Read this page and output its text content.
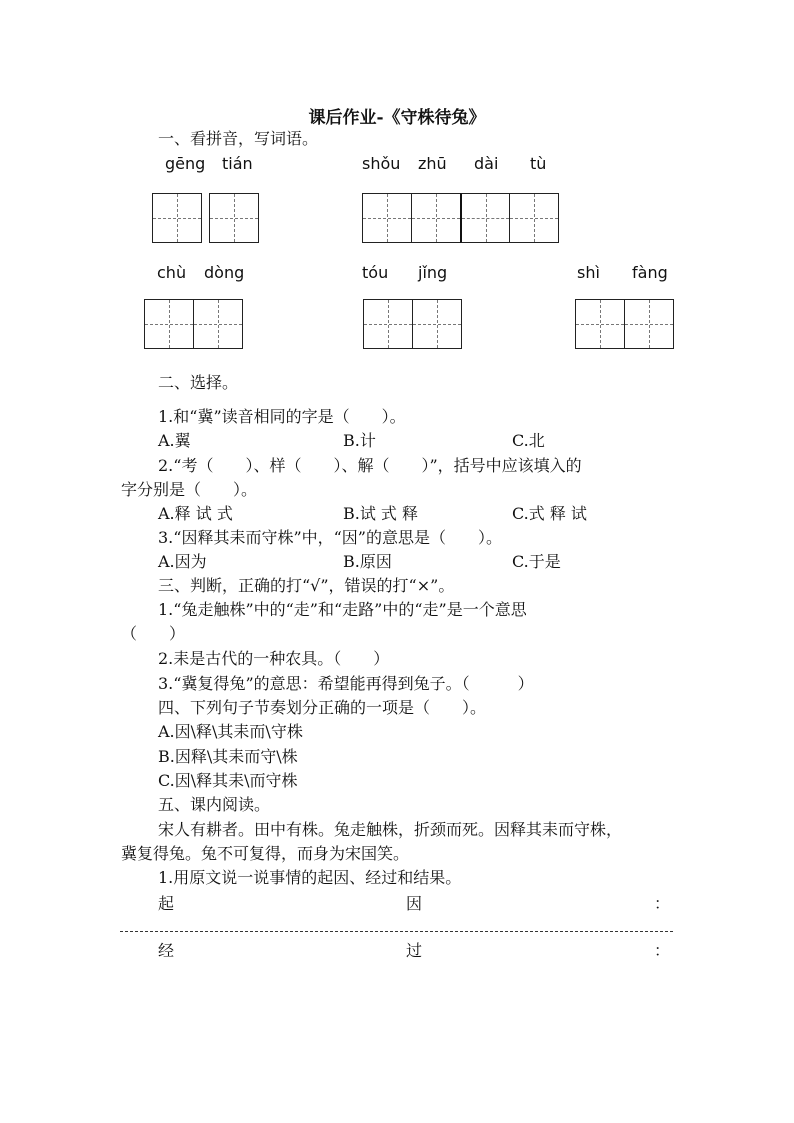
课后作业-《守株待兔》
一、看拼音，写词语。
gēng tián	shǒu zhū dài tù
chù dòng	tóu jǐng	shì fàng
二、选择。
1.和“冀”读音相同的字是（　　）。
A.翼	B.计	C.北
2.“考（　　）、样（　　）、解（　　）”，括号中应该填入的
字分别是（　　）。
A.释 试 式	B.试 式 释	C.式 释 试
3.“因释其耒而守株”中，“因”的意思是（　　）。
A.因为	B.原因	C.于是
三、判断，正确的打“√”，错误的打“×”。
1.“兔走触株”中的“走”和“走路”中的“走”是一个意思
（　　）
2.耒是古代的一种农具。（　　）
3.“冀复得兔”的意思：希望能再得到兔子。（　　　）
四、下列句子节奏划分正确的一项是（　　）。
A.因\释\其耒而\守株
B.因释\其耒而守\株
C.因\释其耒\而守株
五、课内阅读。
宋人有耕者。田中有株。兔走触株，折颈而死。因释其耒而守株，
冀复得兔。兔不可复得，而身为宋国笑。
1.用原文说一说事情的起因、经过和结果。
起	因	：
经	过	：
